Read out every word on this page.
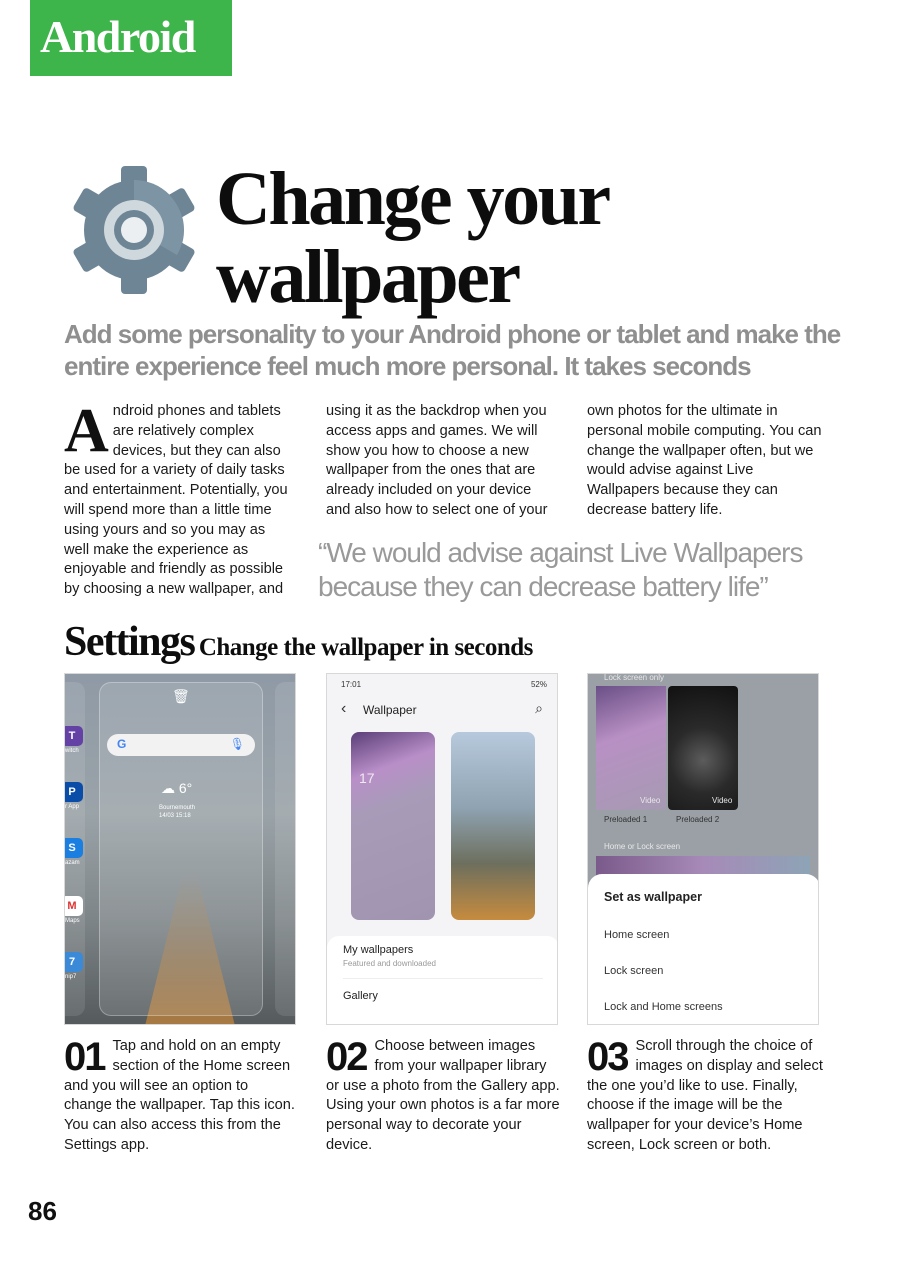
Android
Change your
wallpaper
Add some personality to your Android phone or tablet and make the entire experience feel much more personal. It takes seconds
A ndroid phones and tablets are relatively complex devices, but they can also be used for a variety of daily tasks and entertainment. Potentially, you will spend more than a little time using yours and so you may as well make the experience as enjoyable and friendly as possible by choosing a new wallpaper, and
using it as the backdrop when you access apps and games. We will show you how to choose a new wallpaper from the ones that are already included on your device and also how to select one of your
own photos for the ultimate in personal mobile computing. You can change the wallpaper often, but we would advise against Live Wallpapers because they can decrease battery life.
“We would advise against Live Wallpapers because they can decrease battery life”
Settings Change the wallpaper in seconds
🗑
G	🎙
☁ 6°
Bournemouth
14/03 15:18
T
witch
P
r App
S
azam
M
Maps
7
nip7
17:01	52%
‹ Wallpaper	⌕
17
My wallpapers
Featured and downloaded
Gallery
Lock screen only
Video	Video
Preloaded 1	Preloaded 2
Home or Lock screen
Set as wallpaper
Home screen
Lock screen
Lock and Home screens
01 Tap and hold on an empty section of the Home screen and you will see an option to change the wallpaper. Tap this icon. You can also access this from the Settings app.
02 Choose between images from your wallpaper library or use a photo from the Gallery app. Using your own photos is a far more personal way to decorate your device.
03 Scroll through the choice of images on display and select the one you’d like to use. Finally, choose if the image will be the wallpaper for your device’s Home screen, Lock screen or both.
86
